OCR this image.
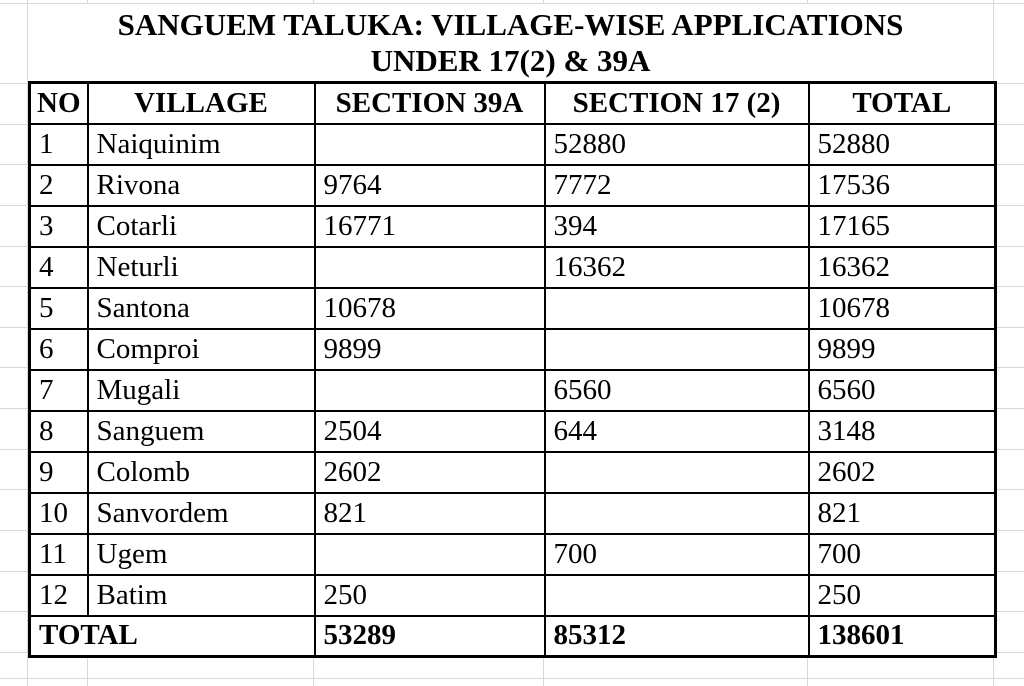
SANGUEM TALUKA: VILLAGE-WISE APPLICATIONS
UNDER 17(2) & 39A
NO	VILLAGE	SECTION 39A	SECTION 17 (2)	TOTAL
1	Naiquinim		52880	52880
2	Rivona	9764	7772	17536
3	Cotarli	16771	394	17165
4	Neturli		16362	16362
5	Santona	10678		10678
6	Comproi	9899		9899
7	Mugali		6560	6560
8	Sanguem	2504	644	3148
9	Colomb	2602		2602
10	Sanvordem	821		821
11	Ugem		700	700
12	Batim	250		250
TOTAL		53289	85312	138601
